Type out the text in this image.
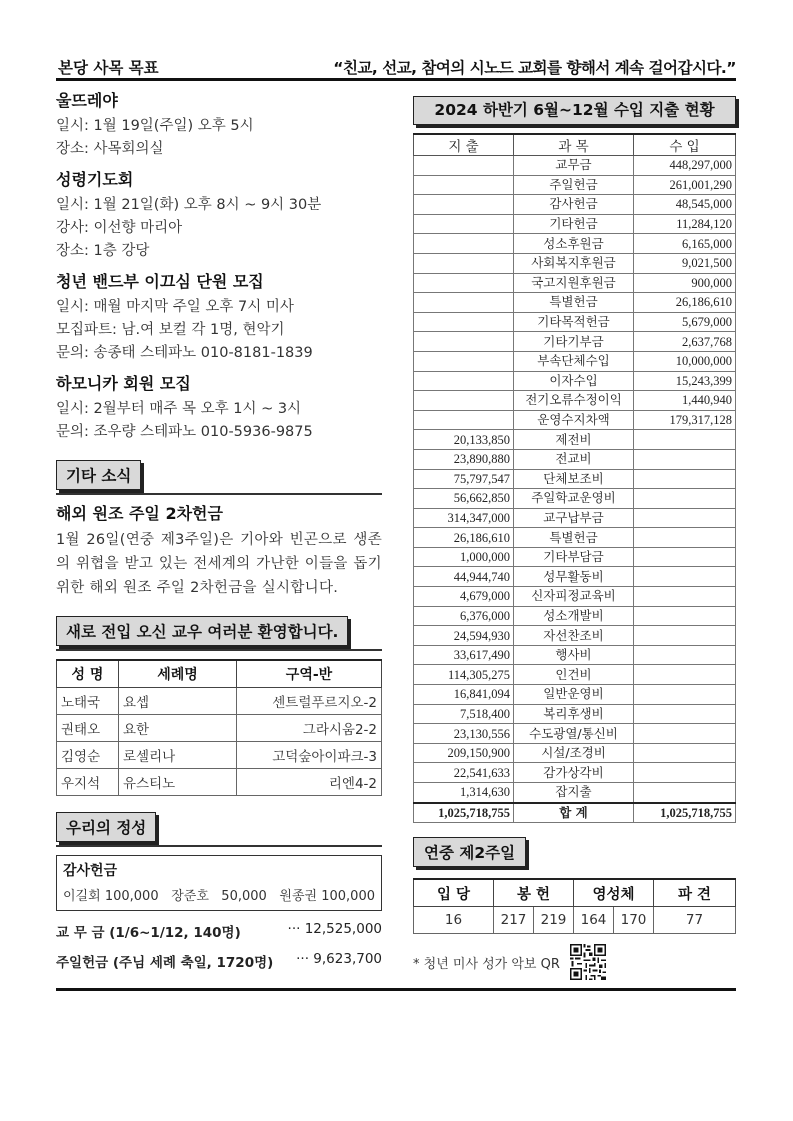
본당 사목 목표	“친교, 선교, 참여의 시노드 교회를 향해서 계속 걸어갑시다.”
울뜨레야
일시: 1월 19일(주일) 오후 5시
장소: 사목회의실
성령기도회
일시: 1월 21일(화) 오후 8시 ~ 9시 30분
강사: 이선향 마리아
장소: 1층 강당
청년 밴드부 이끄심 단원 모집
일시: 매월 마지막 주일 오후 7시 미사
모집파트: 남.여 보컬 각 1명, 현악기
문의: 송종태 스테파노 010-8181-1839
하모니카 회원 모집
일시: 2월부터 매주 목 오후 1시 ~ 3시
문의: 조우량 스테파노 010-5936-9875
기타 소식
해외 원조 주일 2차헌금
1월 26일(연중 제3주일)은 기아와 빈곤으로 생존의 위협을 받고 있는 전세계의 가난한 이들을 돕기 위한 해외 원조 주일 2차헌금을 실시합니다.
새로 전입 오신 교우 여러분 환영합니다.
성 명	세례명	구역-반
노태국	요셉	센트럴푸르지오-2
권태오	요한	그라시움2-2
김영순	로셀리나	고덕숲아이파크-3
우지석	유스티노	리엔4-2
우리의 정성
감사헌금
이길회 100,000 장준호 50,000 원종권 100,000
교 무 금 (1/6~1/12, 140명)	··· 12,525,000
주일헌금 (주님 세례 축일, 1720명) ··· 9,623,700
2024 하반기 6월~12월 수입 지출 현황
지 출	과 목	수 입
	교무금	448,297,000
	주일헌금	261,001,290
	감사헌금	48,545,000
	기타헌금	11,284,120
	성소후원금	6,165,000
	사회복지후원금	9,021,500
	국고지원후원금	900,000
	특별헌금	26,186,610
	기타목적헌금	5,679,000
	기타기부금	2,637,768
	부속단체수입	10,000,000
	이자수입	15,243,399
	전기오류수정이익	1,440,940
	운영수지차액	179,317,128
20,133,850	제전비	
23,890,880	전교비	
75,797,547	단체보조비	
56,662,850	주일학교운영비	
314,347,000	교구납부금	
26,186,610	특별헌금	
1,000,000	기타부담금	
44,944,740	성무활동비	
4,679,000	신자피정교육비	
6,376,000	성소개발비	
24,594,930	자선찬조비	
33,617,490	행사비	
114,305,275	인건비	
16,841,094	일반운영비	
7,518,400	복리후생비	
23,130,556	수도광열/통신비	
209,150,900	시설/조경비	
22,541,633	감가상각비	
1,314,630	잡지출	
1,025,718,755	합 계	1,025,718,755
연중 제2주일
입 당	봉 헌		영성체		파 견
16	217	219	164	170	77
* 청년 미사 성가 악보 QR
